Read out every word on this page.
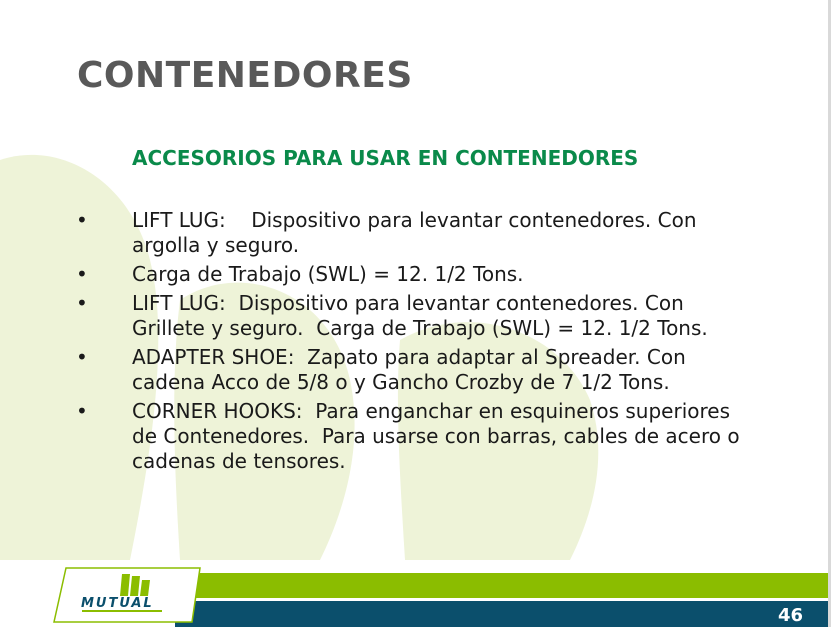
CONTENEDORES
ACCESORIOS PARA USAR EN CONTENEDORES
• LIFT LUG:    Dispositivo para levantar contenedores. Con argolla y seguro.
• Carga de Trabajo (SWL) = 12. 1/2 Tons.
• LIFT LUG:  Dispositivo para levantar contenedores. Con Grillete y seguro.  Carga de Trabajo (SWL) = 12. 1/2 Tons.
• ADAPTER SHOE:  Zapato para adaptar al Spreader. Con cadena Acco de 5/8 o y Gancho Crozby de 7 1/2 Tons.
• CORNER HOOKS:  Para enganchar en esquineros superiores de Contenedores.  Para usarse con barras, cables de acero o cadenas de tensores.
MUTUAL
46
